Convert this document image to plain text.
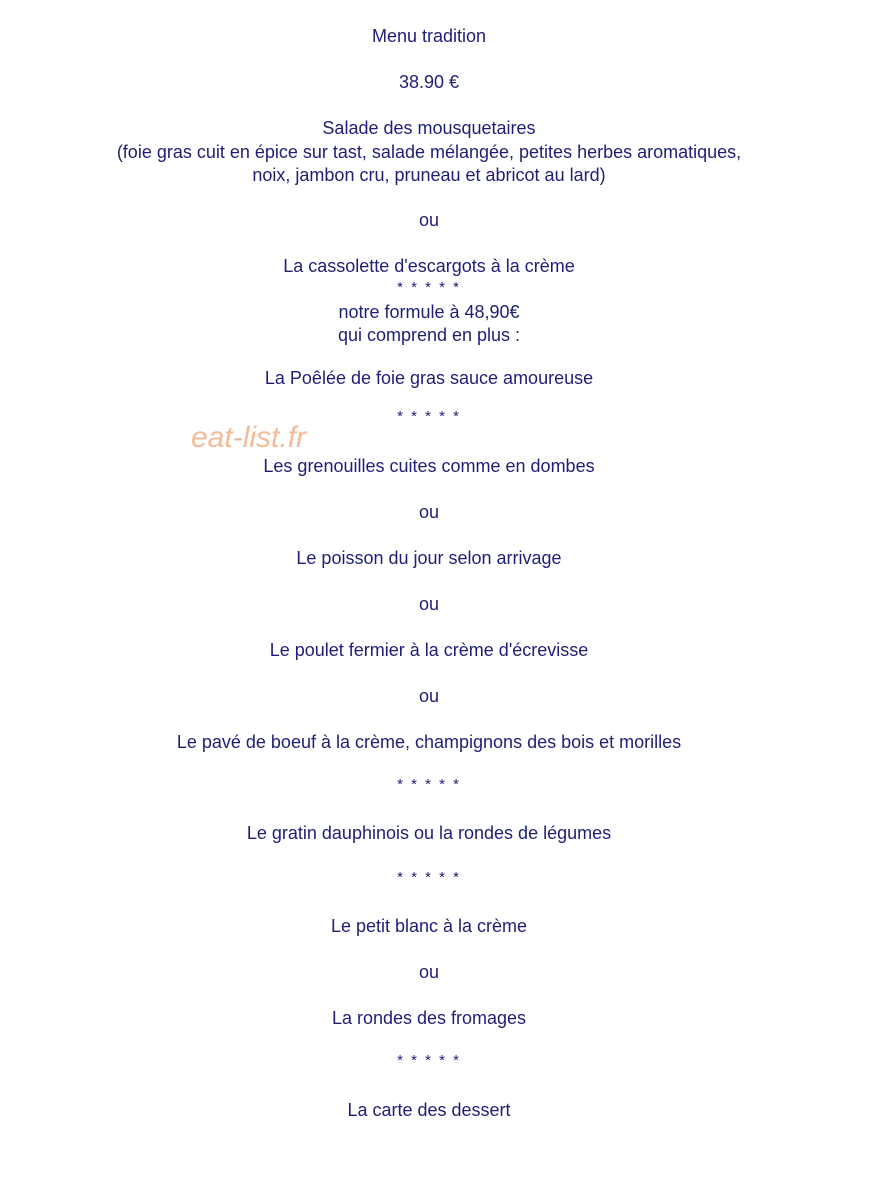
Menu tradition
38.90 €
Salade des mousquetaires
(foie gras cuit en épice sur tast, salade mélangée, petites herbes aromatiques,
noix, jambon cru, pruneau et abricot au lard)
ou
La cassolette d'escargots à la crème
* * * * *
notre formule à 48,90€
qui comprend en plus :
La Poêlée de foie gras sauce amoureuse
* * * * *
Les grenouilles cuites comme en dombes
ou
Le poisson du jour selon arrivage
ou
Le poulet fermier à la crème d'écrevisse
ou
Le pavé de boeuf à la crème, champignons des bois et morilles
* * * * *
Le gratin dauphinois ou la rondes de légumes
* * * * *
Le petit blanc à la crème
ou
La rondes des fromages
* * * * *
La carte des dessert
eat-list.fr
